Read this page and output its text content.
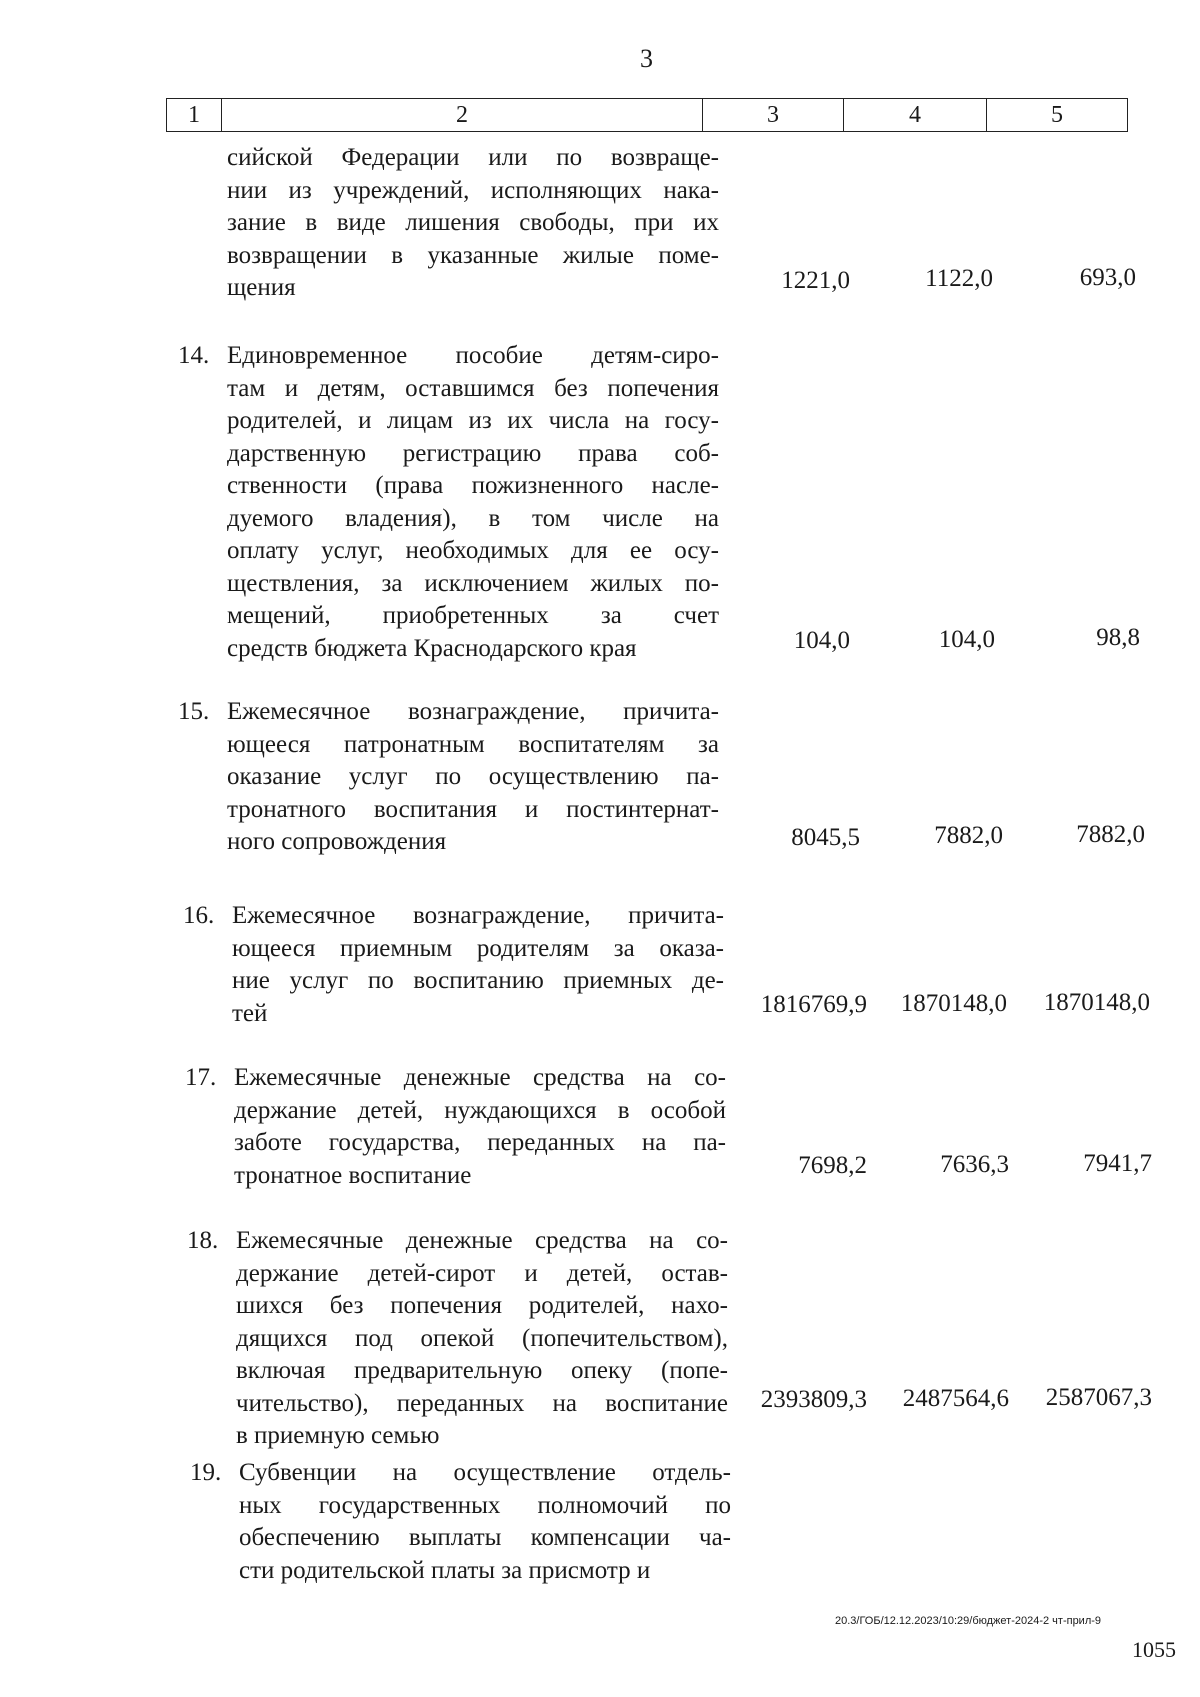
3
1	2	3	4	5
сийской Федерации или по возвраще-
нии из учреждений, исполняющих нака-
зание в виде лишения свободы, при их
возвращении в указанные жилые поме-
щения	1221,0	1122,0	693,0
14. Единовременное пособие детям-сиро-
там и детям, оставшимся без попечения
родителей, и лицам из их числа на госу-
дарственную регистрацию права соб-
ственности (права пожизненного насле-
дуемого владения), в том числе на
оплату услуг, необходимых для ее осу-
ществления, за исключением жилых по-
мещений, приобретенных за счет
средств бюджета Краснодарского края	104,0	104,0	98,8
15. Ежемесячное вознаграждение, причита-
ющееся патронатным воспитателям за
оказание услуг по осуществлению па-
тронатного воспитания и постинтернат-
ного сопровождения	8045,5	7882,0	7882,0
16. Ежемесячное вознаграждение, причита-
ющееся приемным родителям за оказа-
ние услуг по воспитанию приемных де-
тей	1816769,9	1870148,0	1870148,0
17. Ежемесячные денежные средства на со-
держание детей, нуждающихся в особой
заботе государства, переданных на па-
тронатное воспитание	7698,2	7636,3	7941,7
18. Ежемесячные денежные средства на со-
держание детей-сирот и детей, остав-
шихся без попечения родителей, нахо-
дящихся под опекой (попечительством),
включая предварительную опеку (попе-
чительство), переданных на воспитание
в приемную семью
2393809,3	2487564,6	2587067,3
19. Субвенции на осуществление отдель-
ных государственных полномочий по
обеспечению выплаты компенсации ча-
сти родительской платы за присмотр и
20.3/ГОБ/12.12.2023/10:29/бюджет-2024-2 чт-прил-9
1055
